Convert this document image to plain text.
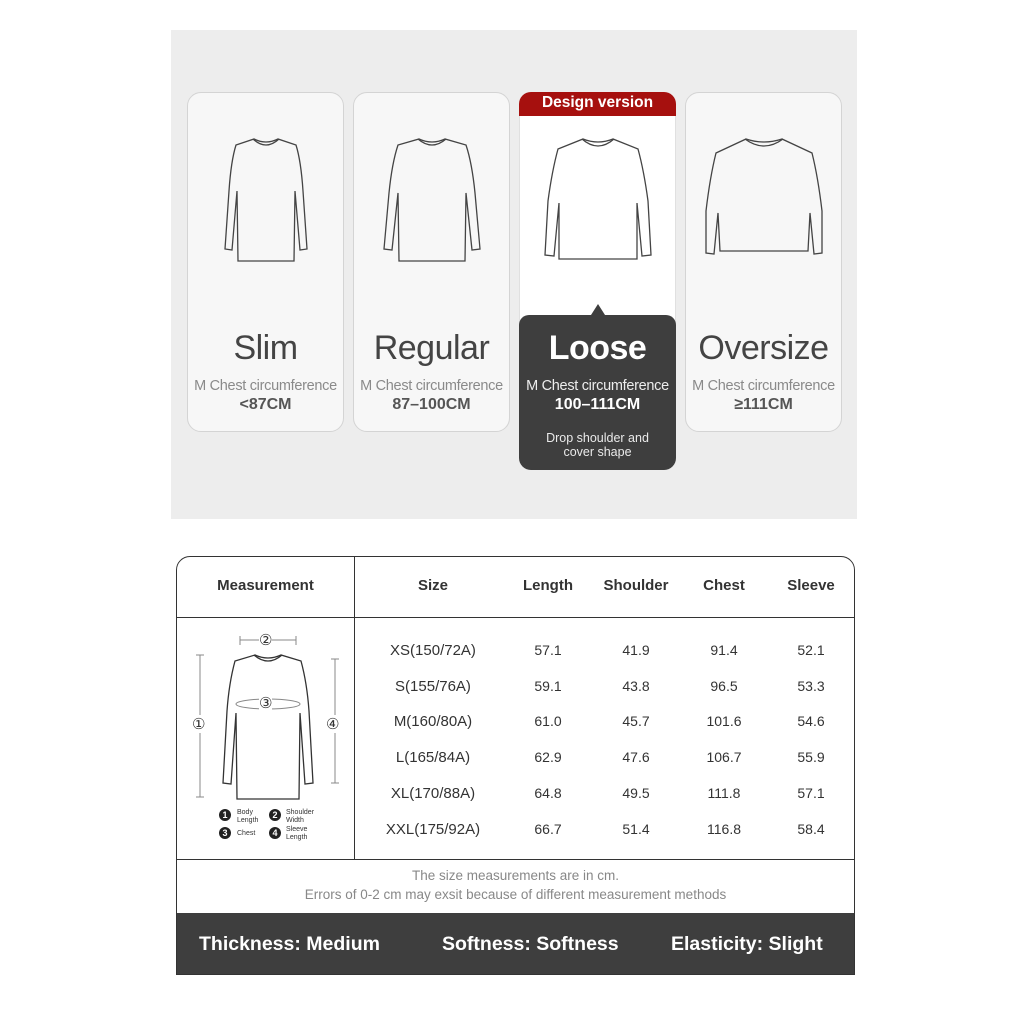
Slim
M Chest circumference
<87CM
Regular
M Chest circumference
87–100CM
Design version
Loose
M Chest circumference
100–111CM
Drop shoulder and
cover shape
Oversize
M Chest circumference
≥111CM
Measurement	Size	Length	Shoulder	Chest	Sleeve
①
②
③
④
1	Body
Length
2	Shoulder
Width
3	Chest	4	Sleeve
Length
XS(150/72A)	57.1	41.9	91.4	52.1
S(155/76A)	59.1	43.8	96.5	53.3
M(160/80A)	61.0	45.7	101.6	54.6
L(165/84A)	62.9	47.6	106.7	55.9
XL(170/88A)	64.8	49.5	111.8	57.1
XXL(175/92A)	66.7	51.4	116.8	58.4
The size measurements are in cm.
Errors of 0-2 cm may exsit because of different measurement methods
Thickness: Medium	Softness: Softness	Elasticity: Slight
